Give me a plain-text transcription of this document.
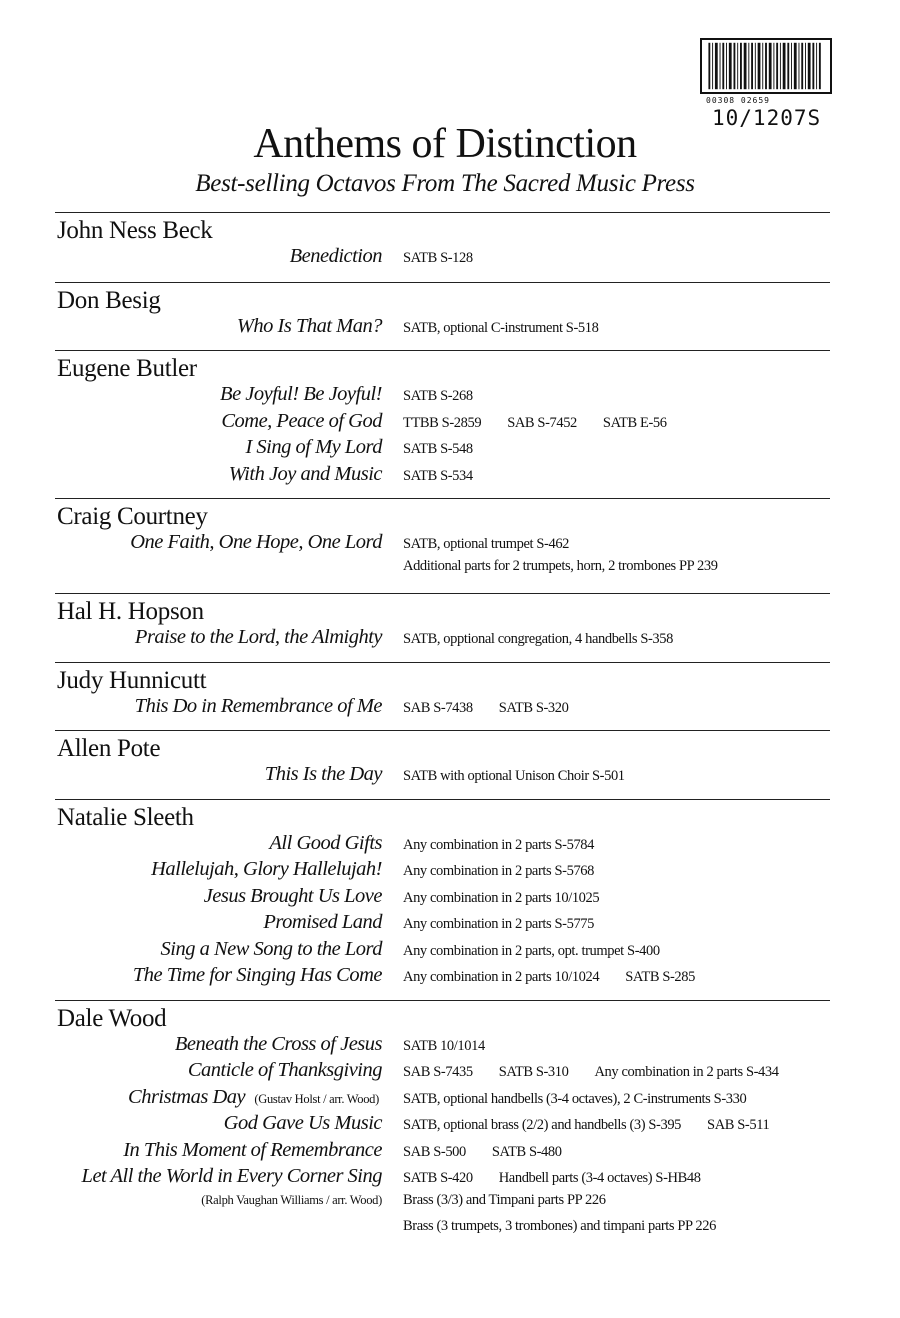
00308 02659
10/1207S
Anthems of Distinction
Best-selling Octavos From The Sacred Music Press
John Ness Beck
Benediction SATB S-128
Don Besig
Who Is That Man? SATB, optional C-instrument S-518
Eugene Butler
Be Joyful! Be Joyful! SATB S-268
Come, Peace of God TTBB S-2859 SAB S-7452 SATB E-56
I Sing of My Lord SATB S-548
With Joy and Music SATB S-534
Craig Courtney
One Faith, One Hope, One Lord SATB, optional trumpet S-462
Additional parts for 2 trumpets, horn, 2 trombones PP 239
Hal H. Hopson
Praise to the Lord, the Almighty SATB, opptional congregation, 4 handbells S-358
Judy Hunnicutt
This Do in Remembrance of Me SAB S-7438 SATB S-320
Allen Pote
This Is the Day SATB with optional Unison Choir S-501
Natalie Sleeth
All Good Gifts Any combination in 2 parts S-5784
Hallelujah, Glory Hallelujah! Any combination in 2 parts S-5768
Jesus Brought Us Love Any combination in 2 parts 10/1025
Promised Land Any combination in 2 parts S-5775
Sing a New Song to the Lord Any combination in 2 parts, opt. trumpet S-400
The Time for Singing Has Come Any combination in 2 parts 10/1024 SATB S-285
Dale Wood
Beneath the Cross of Jesus SATB 10/1014
Canticle of Thanksgiving SAB S-7435 SATB S-310 Any combination in 2 parts S-434
Christmas Day (Gustav Holst / arr. Wood) SATB, optional handbells (3-4 octaves), 2 C-instruments S-330
God Gave Us Music SATB, optional brass (2/2) and handbells (3) S-395 SAB S-511
In This Moment of Remembrance SAB S-500 SATB S-480
Let All the World in Every Corner Sing SATB S-420 Handbell parts (3-4 octaves) S-HB48
(Ralph Vaughan Williams / arr. Wood) Brass (3/3) and Timpani parts PP 226
Brass (3 trumpets, 3 trombones) and timpani parts PP 226
